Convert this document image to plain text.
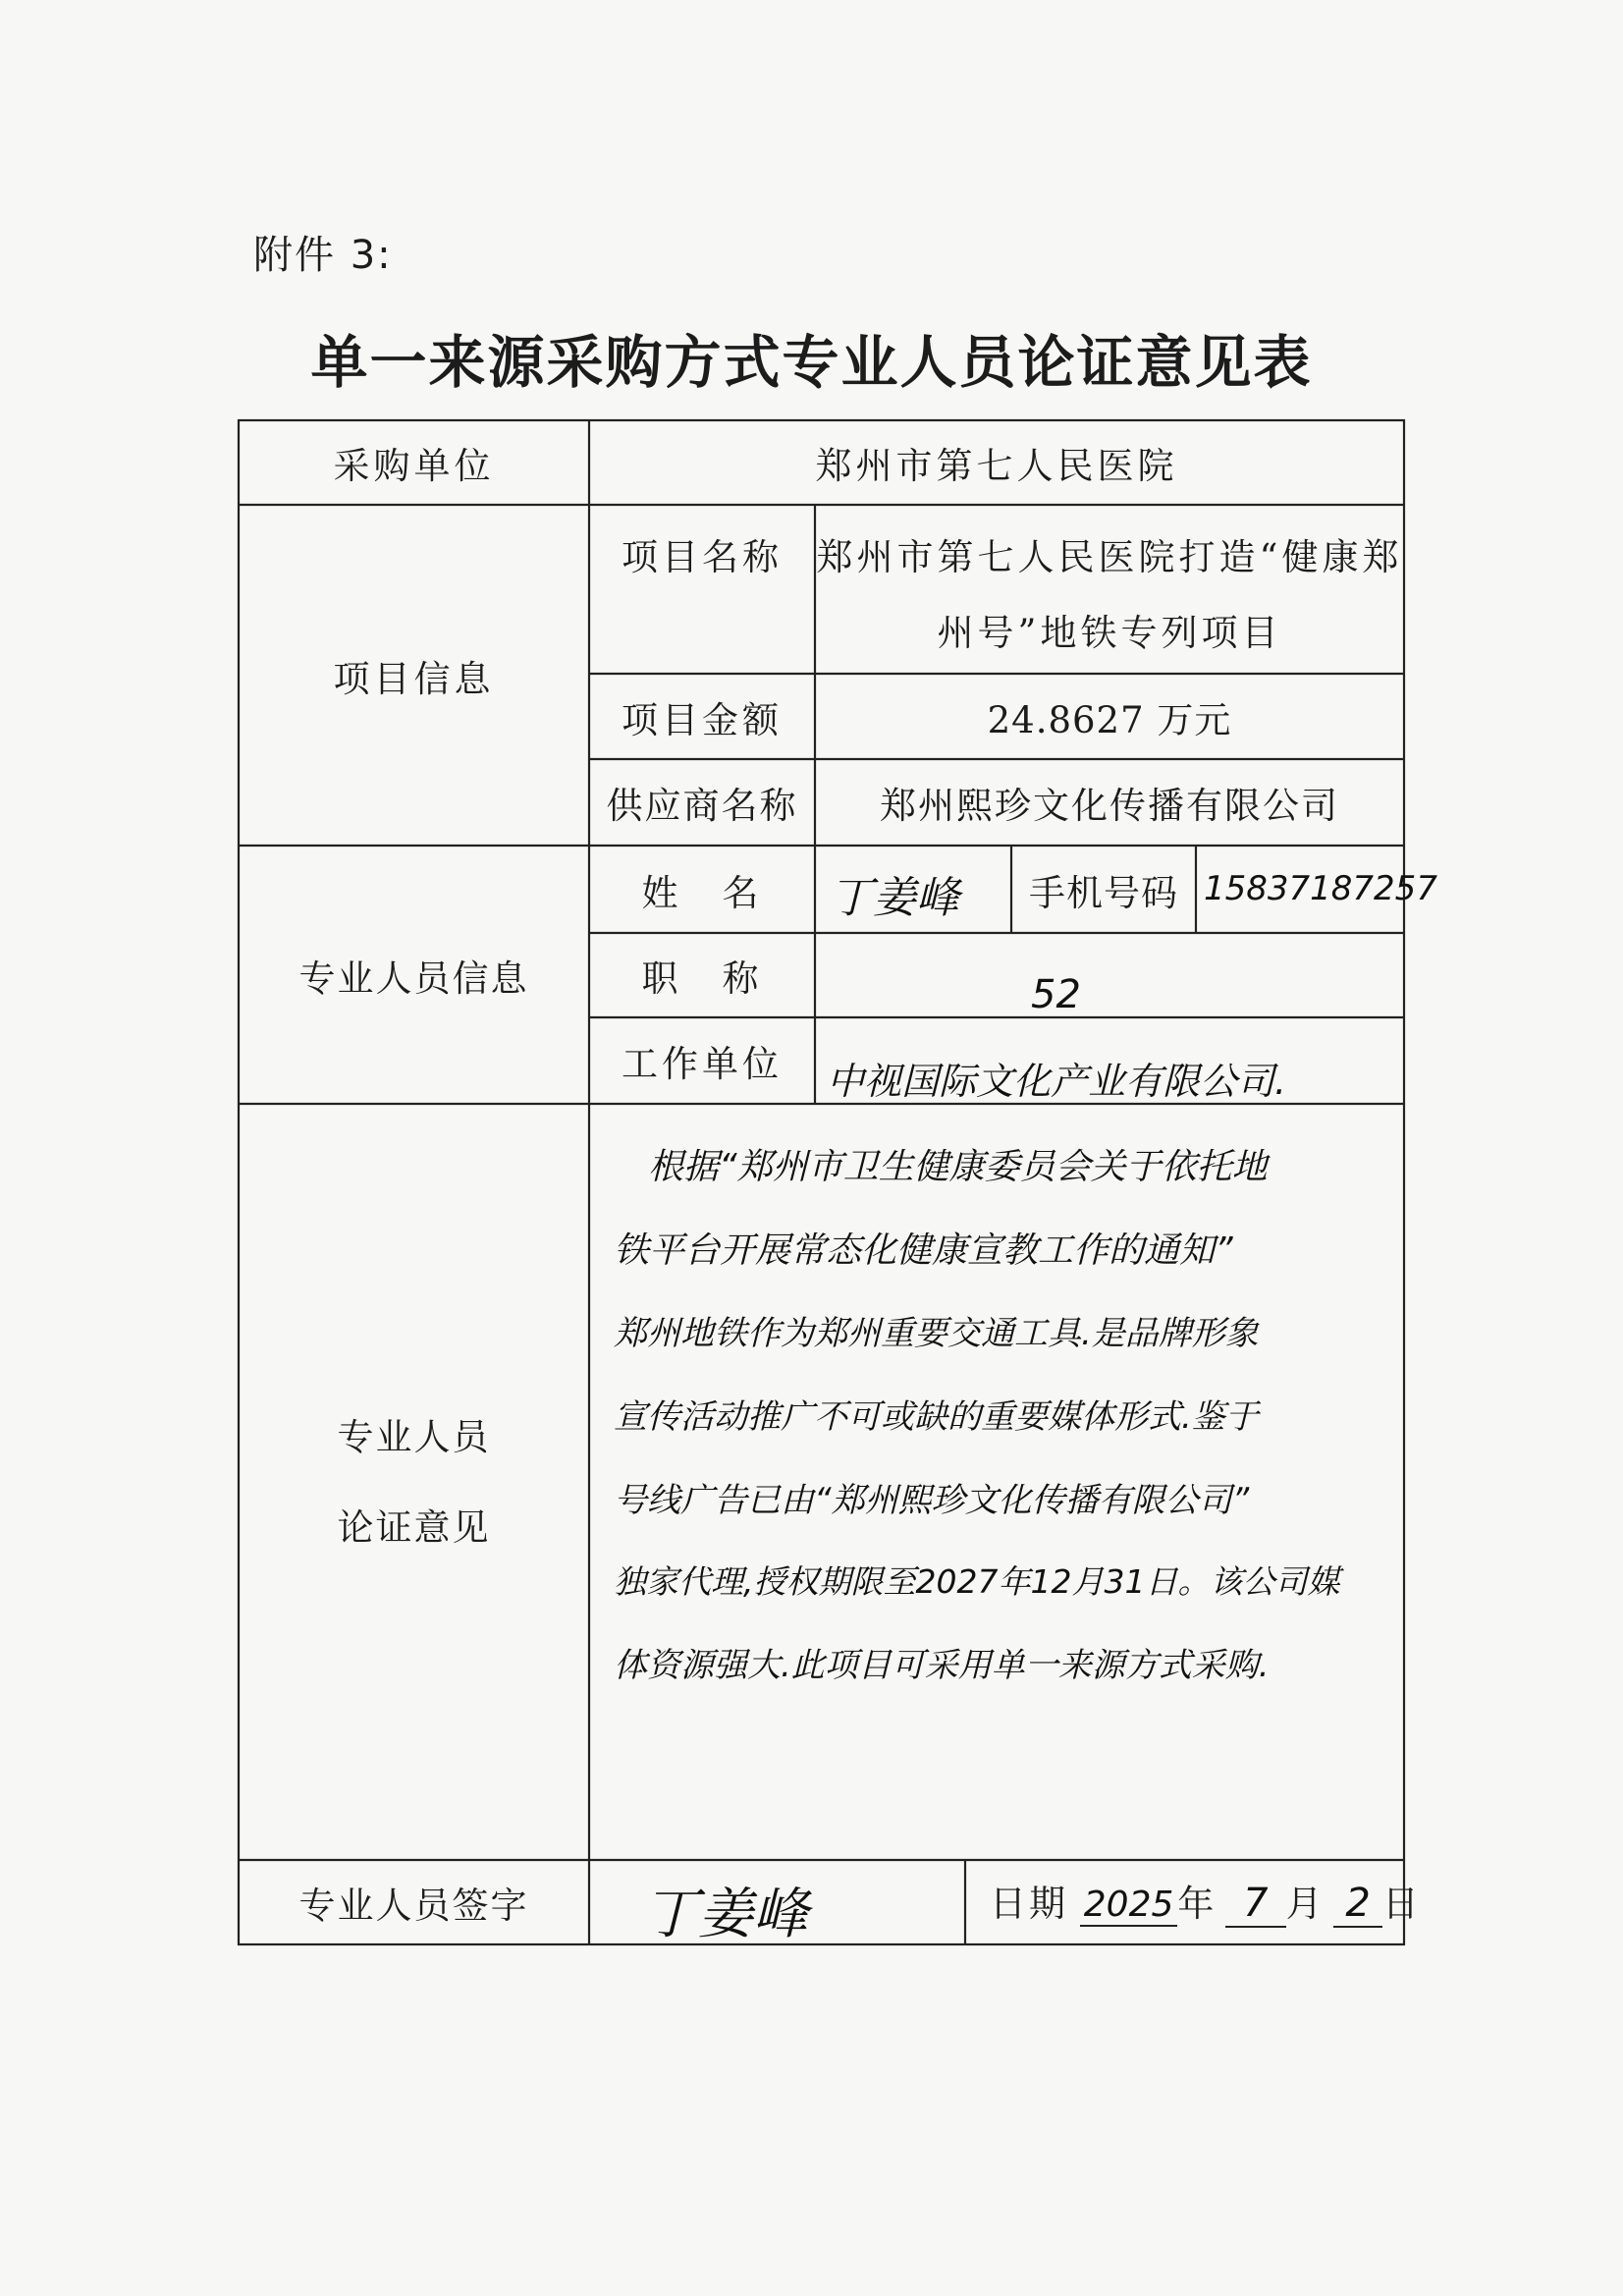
附件 3:
单一来源采购方式专业人员论证意见表
采购单位	郑州市第七人民医院
项目信息
项目名称 郑州市第七人民医院打造“健康郑
州号”地铁专列项目
项目金额	24.8627 万元
供应商名称	郑州熙珍文化传播有限公司
专业人员信息
姓　名	丁姜峰	手机号码 15837187257
职　称	52
工作单位	中视国际文化产业有限公司.
专业人员
论证意见
根据“郑州市卫生健康委员会关于依托地
铁平台开展常态化健康宣教工作的通知”
郑州地铁作为郑州重要交通工具.是品牌形象
宣传活动推广不可或缺的重要媒体形式.鉴于
号线广告已由“郑州熙珍文化传播有限公司”
独家代理,授权期限至2027年12月31日。该公司媒
体资源强大.此项目可采用单一来源方式采购.
专业人员签字	丁姜峰	日期 2025 年 7 月 2 日
